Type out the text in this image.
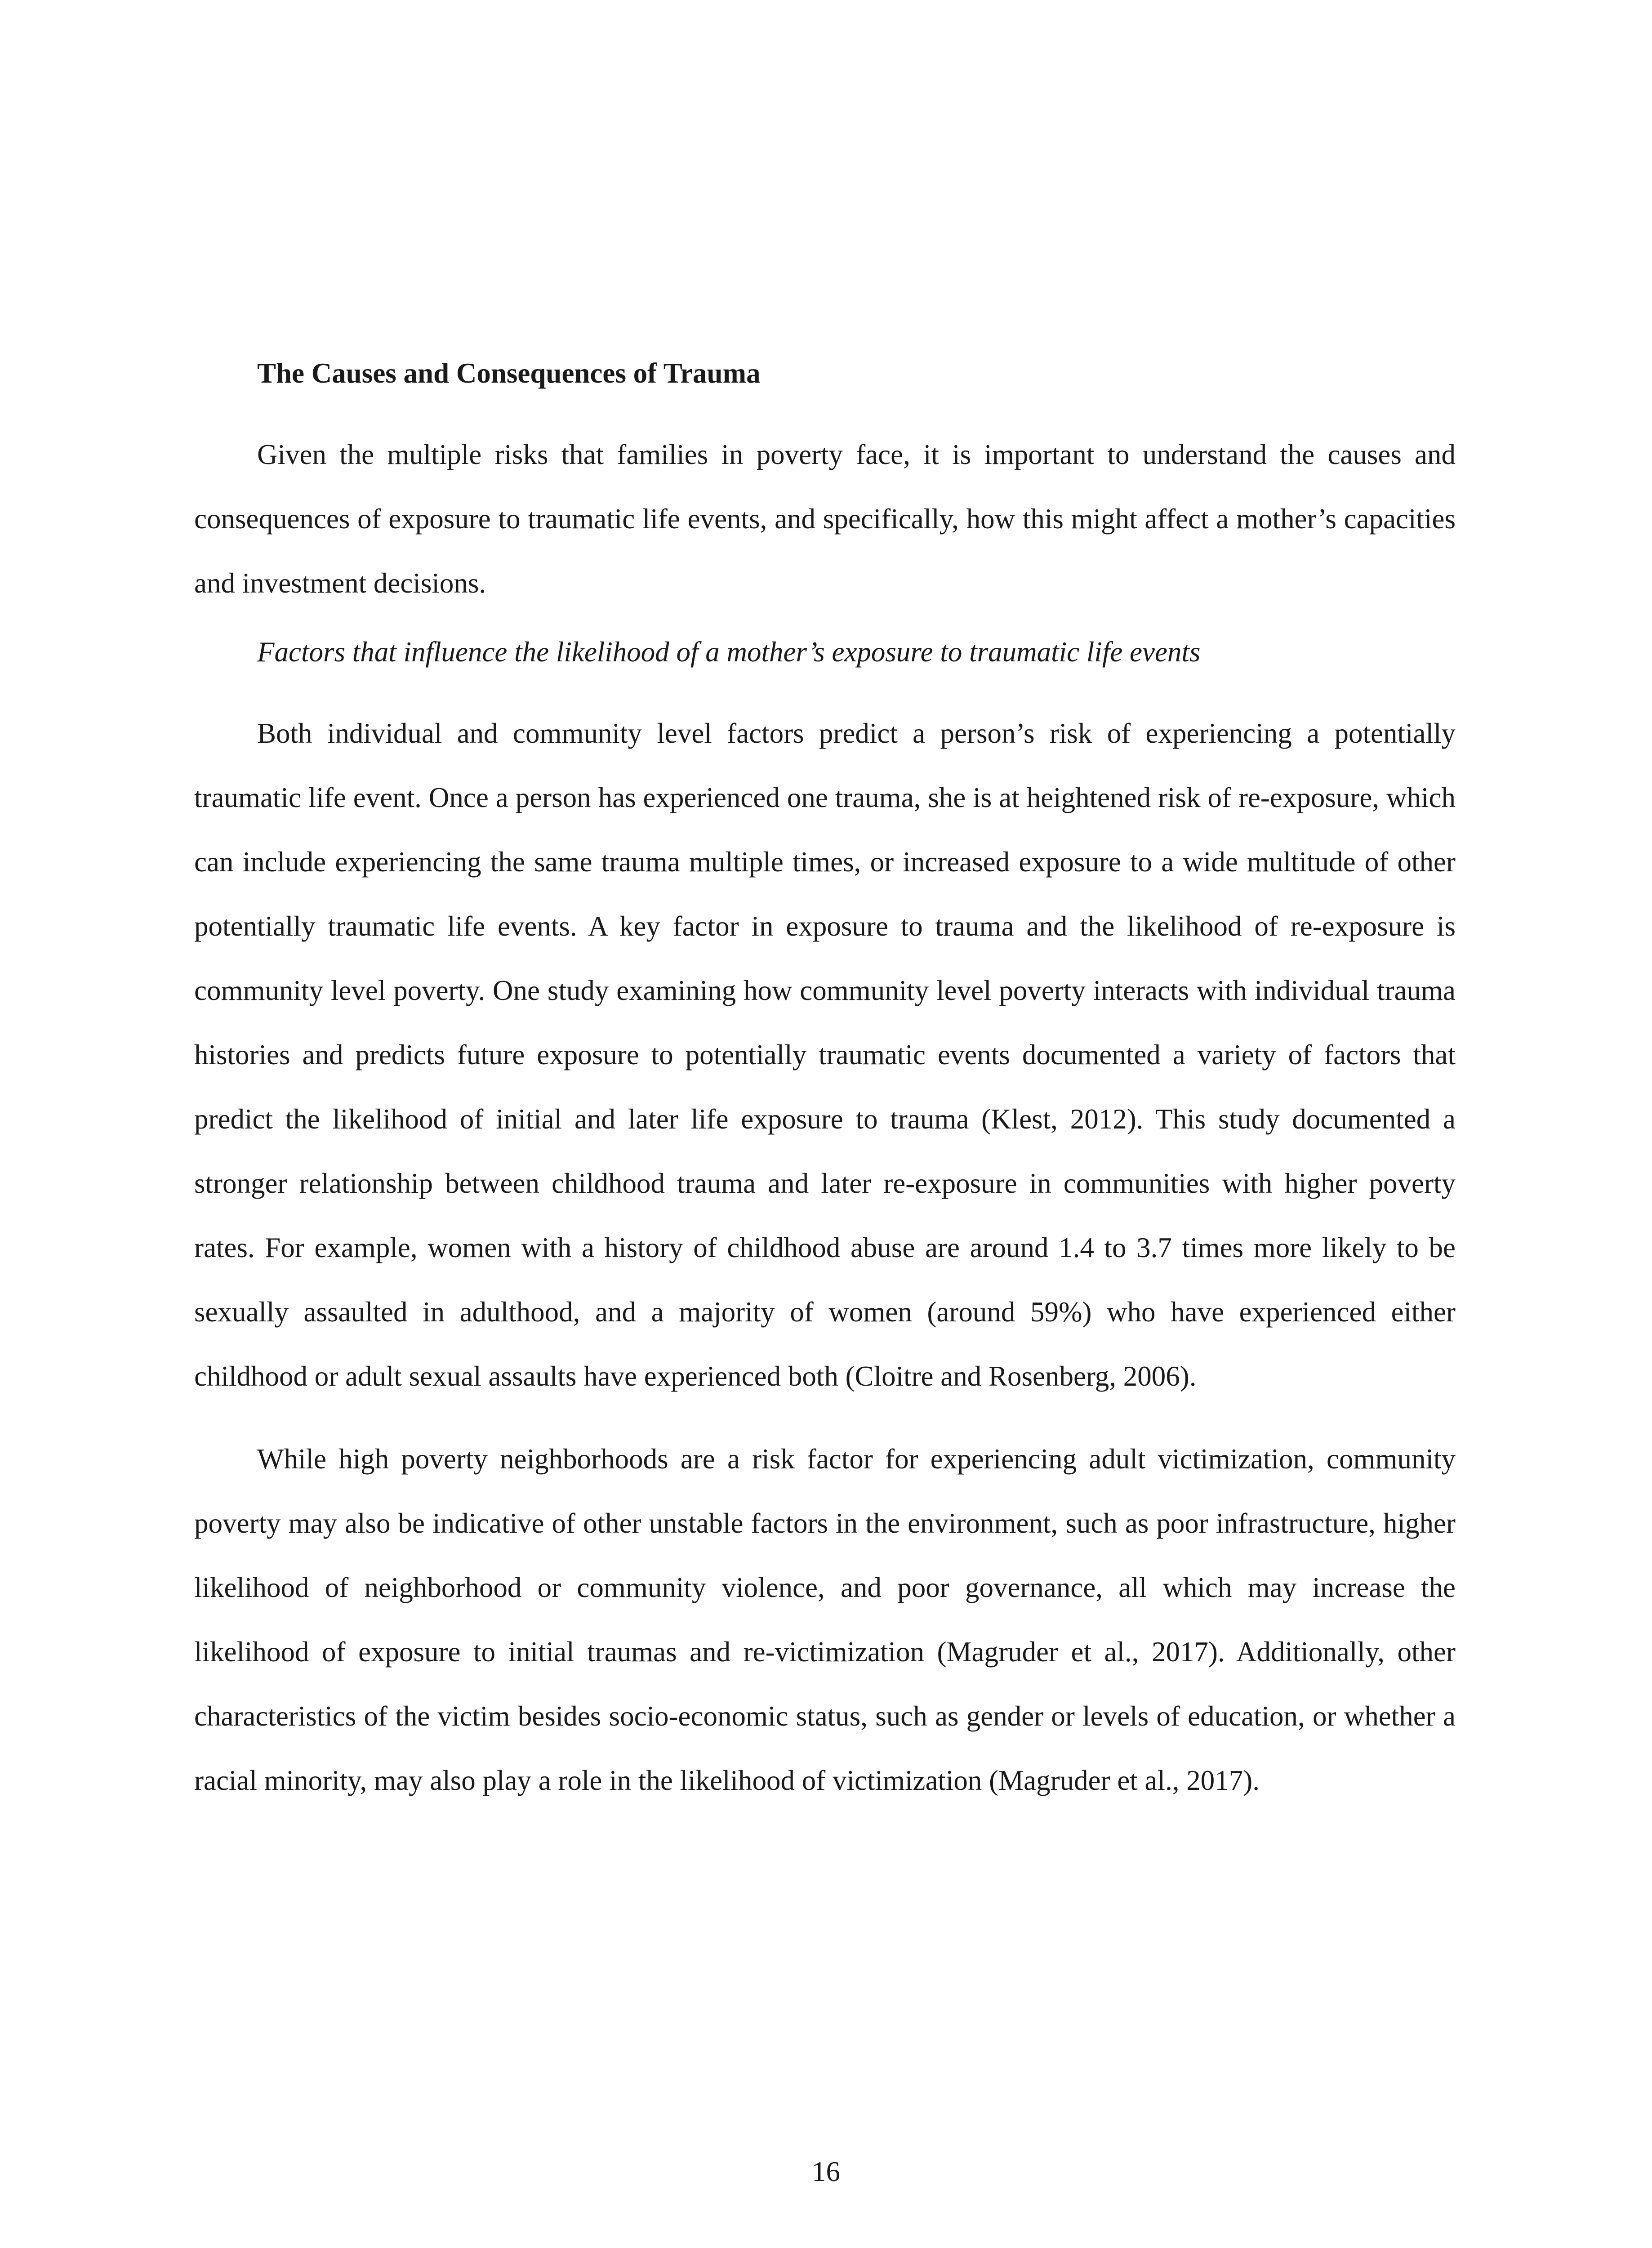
The Causes and Consequences of Trauma

Given the multiple risks that families in poverty face, it is important to understand the causes and consequences of exposure to traumatic life events, and specifically, how this might affect a mother’s capacities and investment decisions.

Factors that influence the likelihood of a mother’s exposure to traumatic life events

Both individual and community level factors predict a person’s risk of experiencing a potentially traumatic life event. Once a person has experienced one trauma, she is at heightened risk of re-exposure, which can include experiencing the same trauma multiple times, or increased exposure to a wide multitude of other potentially traumatic life events. A key factor in exposure to trauma and the likelihood of re-exposure is community level poverty. One study examining how community level poverty interacts with individual trauma histories and predicts future exposure to potentially traumatic events documented a variety of factors that predict the likelihood of initial and later life exposure to trauma (Klest, 2012). This study documented a stronger relationship between childhood trauma and later re-exposure in communities with higher poverty rates. For example, women with a history of childhood abuse are around 1.4 to 3.7 times more likely to be sexually assaulted in adulthood, and a majority of women (around 59%) who have experienced either childhood or adult sexual assaults have experienced both (Cloitre and Rosenberg, 2006).

While high poverty neighborhoods are a risk factor for experiencing adult victimization, community poverty may also be indicative of other unstable factors in the environment, such as poor infrastructure, higher likelihood of neighborhood or community violence, and poor governance, all which may increase the likelihood of exposure to initial traumas and re-victimization (Magruder et al., 2017). Additionally, other characteristics of the victim besides socio-economic status, such as gender or levels of education, or whether a racial minority, may also play a role in the likelihood of victimization (Magruder et al., 2017).

16
